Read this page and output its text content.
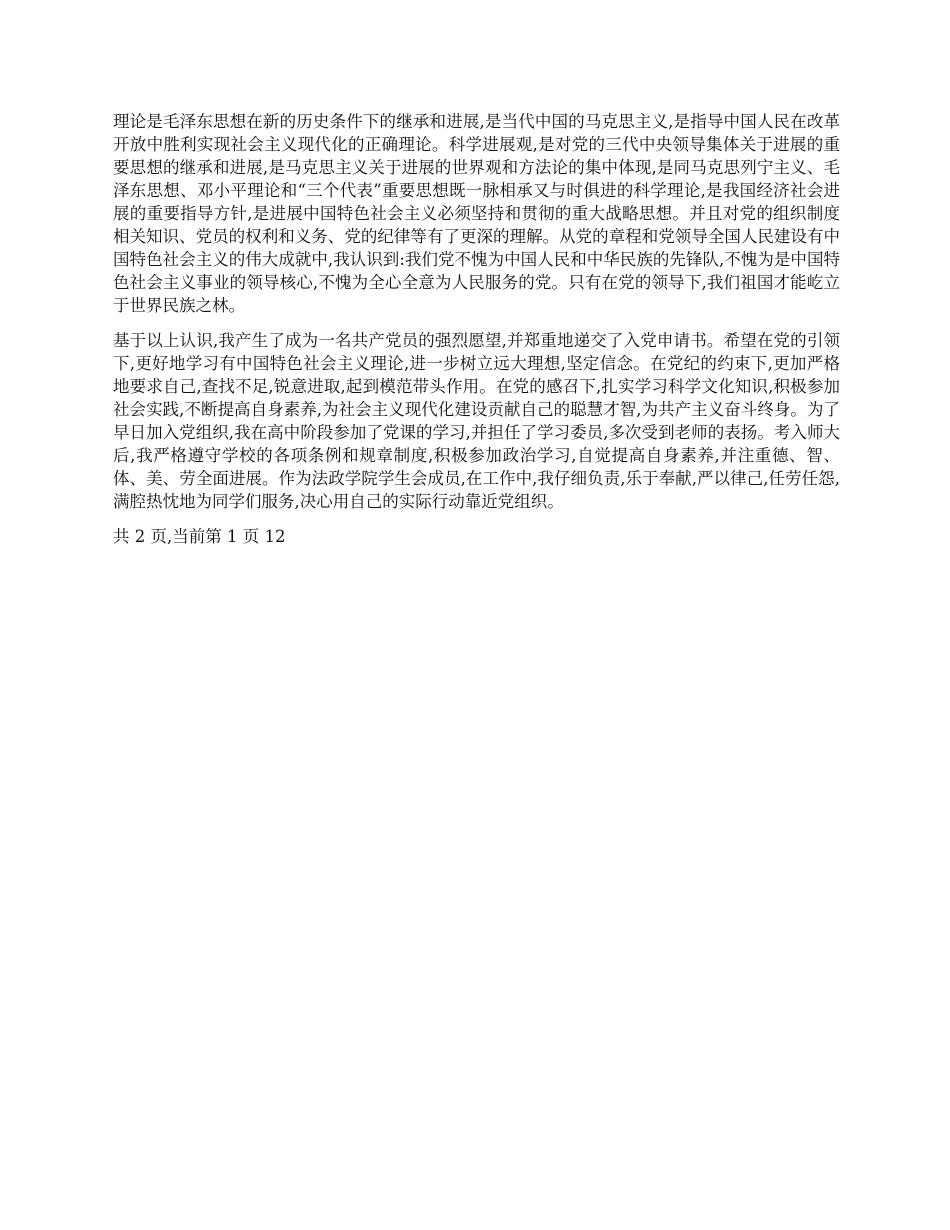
理论是毛泽东思想在新的历史条件下的继承和进展,是当代中国的马克思主义,是指导中国人民在改革开放中胜利实现社会主义现代化的正确理论。科学进展观,是对党的三代中央领导集体关于进展的重要思想的继承和进展,是马克思主义关于进展的世界观和方法论的集中体现,是同马克思列宁主义、毛泽东思想、邓小平理论和“三个代表”重要思想既一脉相承又与时俱进的科学理论,是我国经济社会进展的重要指导方针,是进展中国特色社会主义必须坚持和贯彻的重大战略思想。并且对党的组织制度相关知识、党员的权利和义务、党的纪律等有了更深的理解。从党的章程和党领导全国人民建设有中国特色社会主义的伟大成就中,我认识到:我们党不愧为中国人民和中华民族的先锋队,不愧为是中国特色社会主义事业的领导核心,不愧为全心全意为人民服务的党。只有在党的领导下,我们祖国才能屹立于世界民族之林。

基于以上认识,我产生了成为一名共产党员的强烈愿望,并郑重地递交了入党申请书。希望在党的引领下,更好地学习有中国特色社会主义理论,进一步树立远大理想,坚定信念。在党纪的约束下,更加严格地要求自己,查找不足,锐意进取,起到模范带头作用。在党的感召下,扎实学习科学文化知识,积极参加社会实践,不断提高自身素养,为社会主义现代化建设贡献自己的聪慧才智,为共产主义奋斗终身。为了早日加入党组织,我在高中阶段参加了党课的学习,并担任了学习委员,多次受到老师的表扬。考入师大后,我严格遵守学校的各项条例和规章制度,积极参加政治学习,自觉提高自身素养,并注重德、智、体、美、劳全面进展。作为法政学院学生会成员,在工作中,我仔细负责,乐于奉献,严以律己,任劳任怨,满腔热忱地为同学们服务,决心用自己的实际行动靠近党组织。

共 2 页,当前第 1 页 12
